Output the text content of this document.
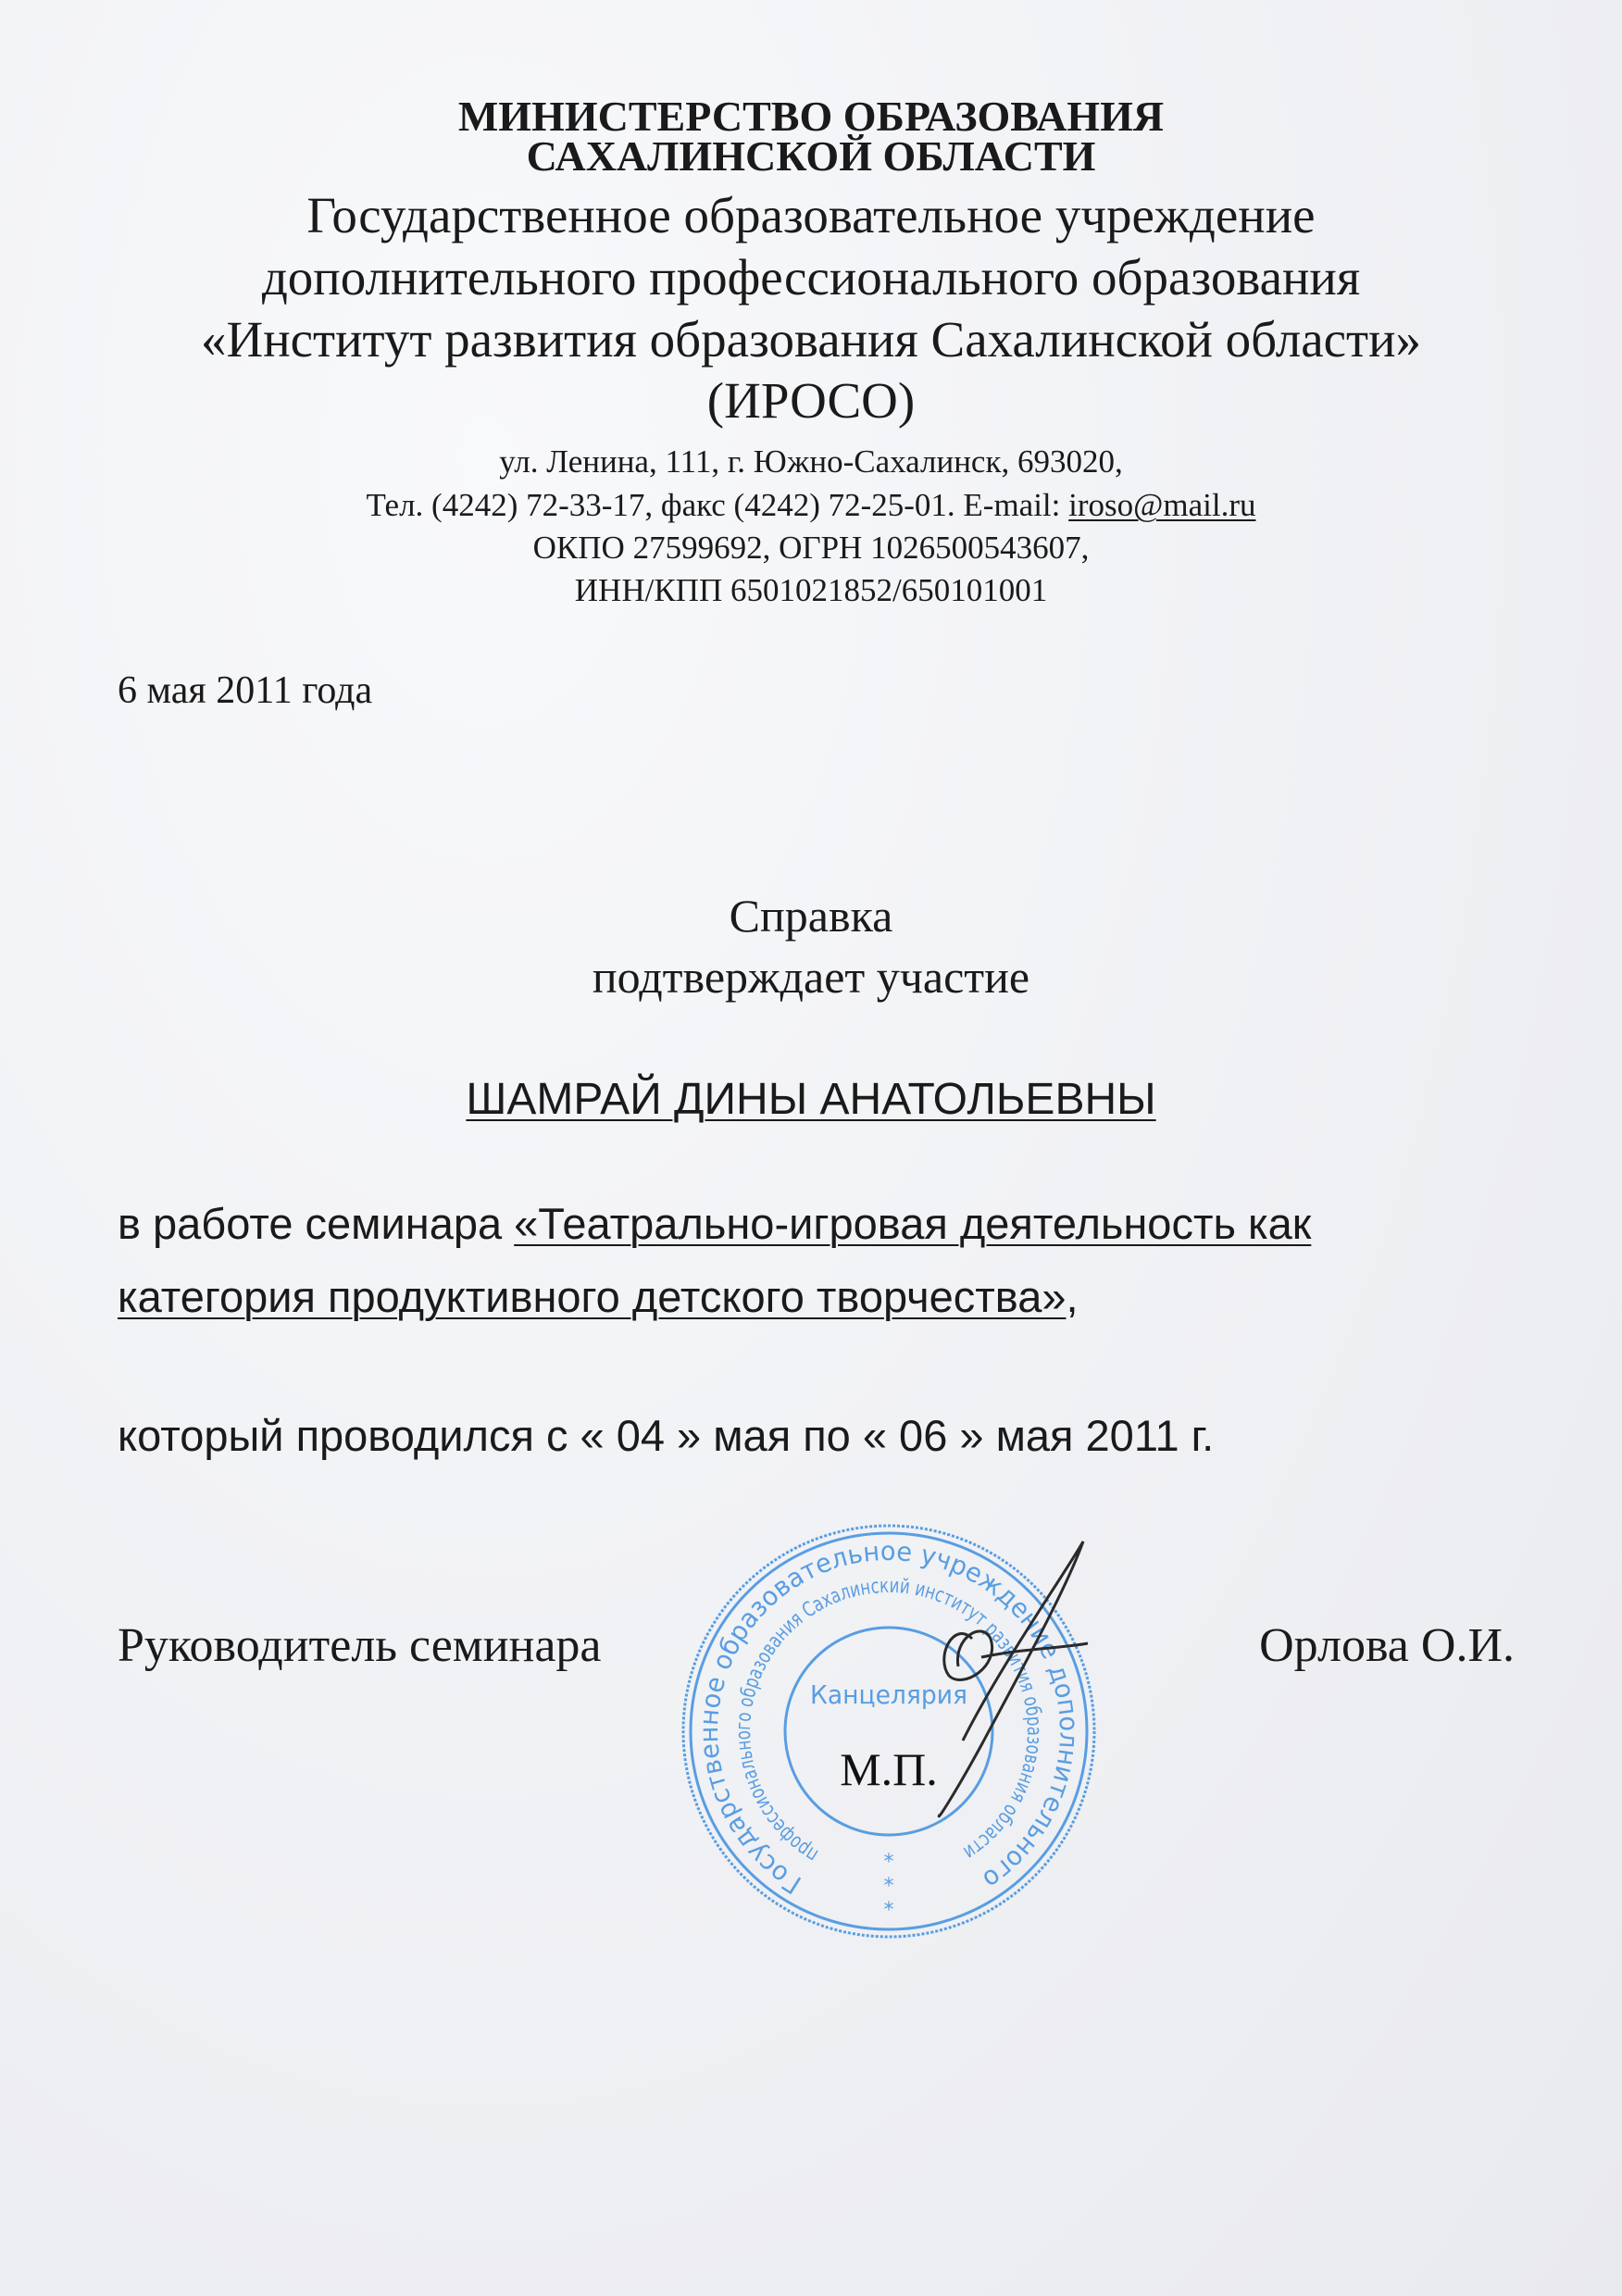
МИНИСТЕРСТВО ОБРАЗОВАНИЯ
САХАЛИНСКОЙ ОБЛАСТИ
Государственное образовательное учреждение
дополнительного профессионального образования
«Институт развития образования Сахалинской области»
(ИРОСО)
ул. Ленина, 111, г. Южно-Сахалинск, 693020,
Тел. (4242) 72-33-17, факс (4242) 72-25-01. E-mail: iroso@mail.ru
ОКПО 27599692, ОГРН 1026500543607,
ИНН/КПП 6501021852/650101001
6 мая 2011 года
Справка
подтверждает участие
ШАМРАЙ ДИНЫ АНАТОЛЬЕВНЫ
в работе семинара «Театрально-игровая деятельность как
категория продуктивного детского творчества»,
который проводился с « 04 » мая по « 06 » мая 2011 г.
Государственное образовательное учреждение дополнительного
профессионального образования Сахалинский институт развития образования области
Канцелярия
*
*
*
М.П.
Руководитель семинара	Орлова О.И.
